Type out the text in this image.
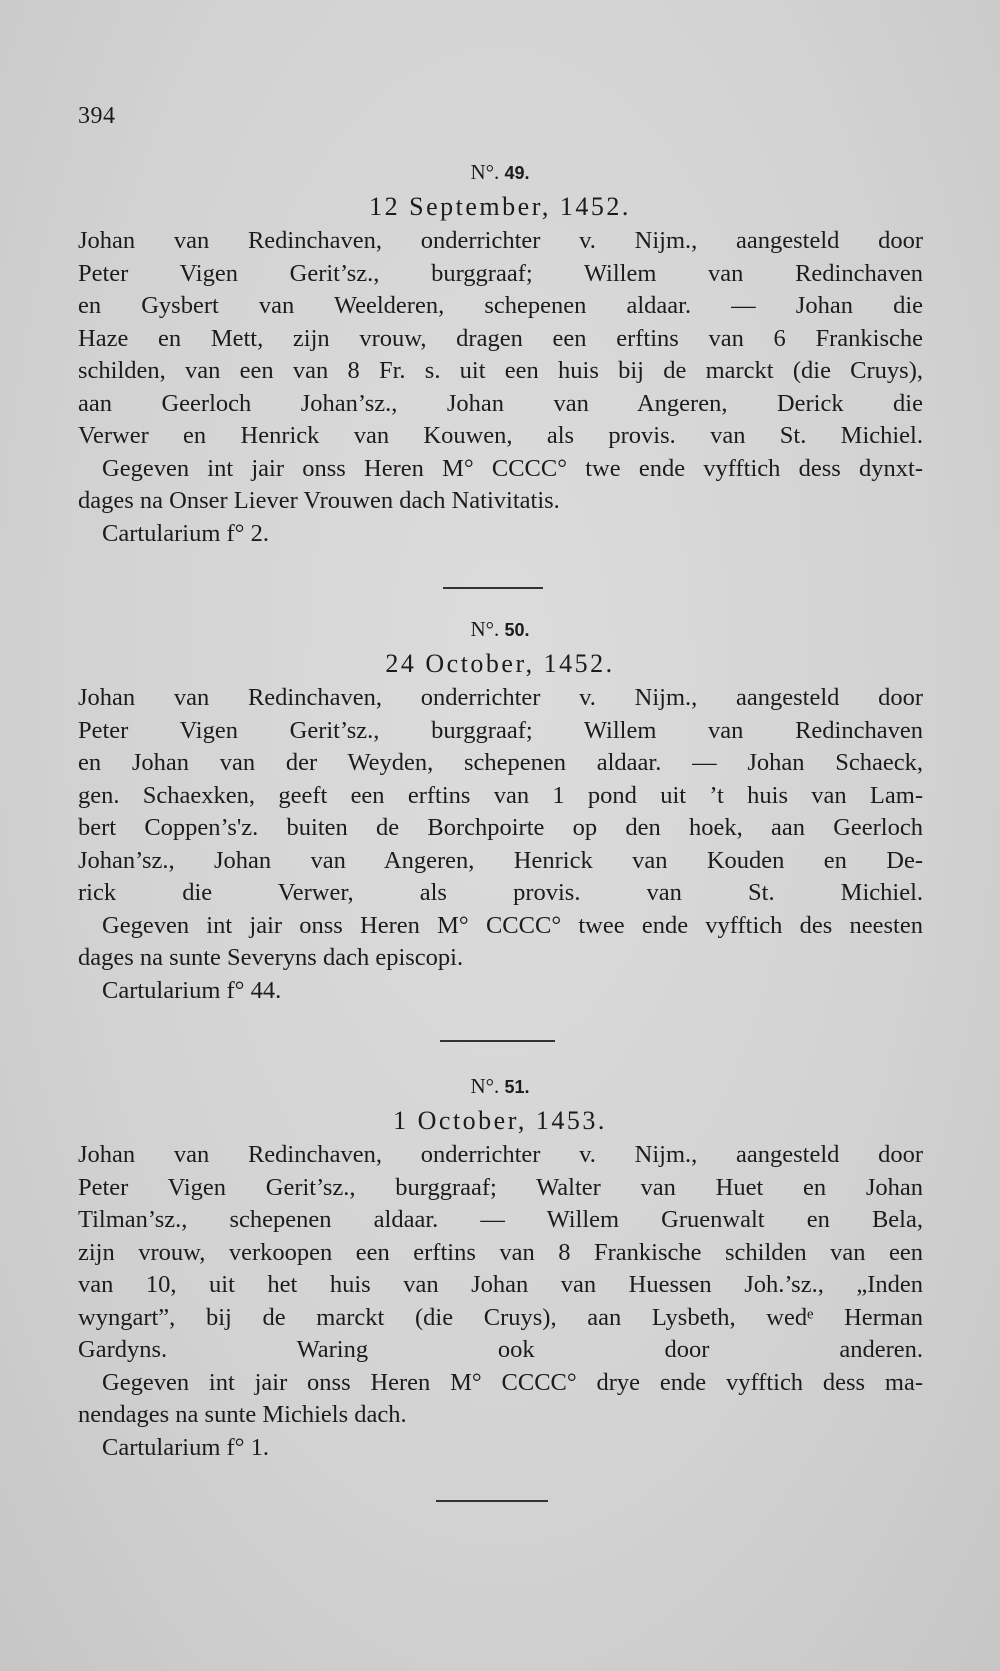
394
N°. 49.
12 September, 1452.
Johan van Redinchaven, onderrichter v. Nijm., aangesteld door
Peter Vigen Gerit’sz., burggraaf; Willem van Redinchaven
en Gysbert van Weelderen, schepenen aldaar. — Johan die
Haze en Mett, zijn vrouw, dragen een erftins van 6 Frankische
schilden, van een van 8 Fr. s. uit een huis bij de marckt (die Cruys),
aan Geerloch Johan’sz., Johan van Angeren, Derick die
Verwer en Henrick van Kouwen, als provis. van St. Michiel.
Gegeven int jair onss Heren M° CCCC° twe ende vyfftich dess dynxt-
dages na Onser Liever Vrouwen dach Nativitatis.
Cartularium f° 2.
N°. 50.
24 October, 1452.
Johan van Redinchaven, onderrichter v. Nijm., aangesteld door
Peter Vigen Gerit’sz., burggraaf; Willem van Redinchaven
en Johan van der Weyden, schepenen aldaar. — Johan Schaeck,
gen. Schaexken, geeft een erftins van 1 pond uit ’t huis van Lam-
bert Coppen’s'z. buiten de Borchpoirte op den hoek, aan Geerloch
Johan’sz., Johan van Angeren, Henrick van Kouden en De-
rick die Verwer, als provis. van St. Michiel.
Gegeven int jair onss Heren M° CCCC° twee ende vyfftich des neesten
dages na sunte Severyns dach episcopi.
Cartularium f° 44.
N°. 51.
1 October, 1453.
Johan van Redinchaven, onderrichter v. Nijm., aangesteld door
Peter Vigen Gerit’sz., burggraaf; Walter van Huet en Johan
Tilman’sz., schepenen aldaar. — Willem Gruenwalt en Bela,
zijn vrouw, verkoopen een erftins van 8 Frankische schilden van een
van 10, uit het huis van Johan van Huessen Joh.’sz., „Inden
wyngart”, bij de marckt (die Cruys), aan Lysbeth, wedᵉ Herman
Gardyns. Waring ook door anderen.
Gegeven int jair onss Heren M° CCCC° drye ende vyfftich dess ma-
nendages na sunte Michiels dach.
Cartularium f° 1.
